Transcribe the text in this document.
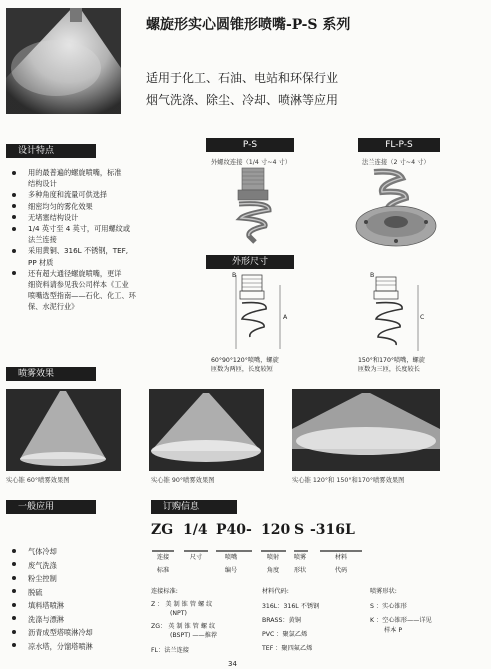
螺旋形实心圆锥形喷嘴-P-S 系列
适用于化工、石油、电站和环保行业
烟气洗涤、除尘、冷却、喷淋等应用
设计特点
用的最普遍的螺旋喷嘴，标准
结构设计
多种角度和流量可供选择
细密均匀的雾化效果
无堵塞结构设计
1/4 英寸至 4 英寸，可用螺纹或
法兰连接
采用黄铜、316L 不锈钢，TEF,
PP 材质
还有超大通径螺旋喷嘴，更详
细资料请参见我公司样本《工业
喷嘴选型指南——石化、化工、环
保、水泥行业》
P-S
外螺纹连接（1/4 寸~4 寸）
FL-P-S
法兰连接（2 寸~4 寸）
外形尺寸
B
A
B
C
60°90°120°喷嘴，螺旋
匝数为两匝，长度较短
150°和170°喷嘴，螺旋
匝数为三匝，长度较长
喷雾效果
实心锥 60°喷雾效果图	实心锥 90°喷雾效果图	实心锥 120°和 150°和170°喷雾效果图
一般应用
气体冷却
废气洗涤
粉尘控制
脱硫
填料塔喷淋
洗涤与漂淋
沥青成型塔喷淋冷却
凉水塔，分馏塔喷淋
订购信息
ZG 1/4 P40- 120 S -316L
连接	尺寸	喷嘴	喷射	喷雾	材料
标准	编号	角度	形状	代码
连接标准:
Z ： 美 制 锥 管 螺 纹
(NPT)
ZG： 英 制 锥 管 螺 纹
(BSPT) ——推荐
FL：法兰连接
材料代码:
316L：316L 不锈钢
BRASS：黄铜
PVC ：聚氯乙烯
TEF ：聚四氟乙烯
喷雾形状:
S ：实心锥形
K ：空心锥形——详见
样本 P
34
